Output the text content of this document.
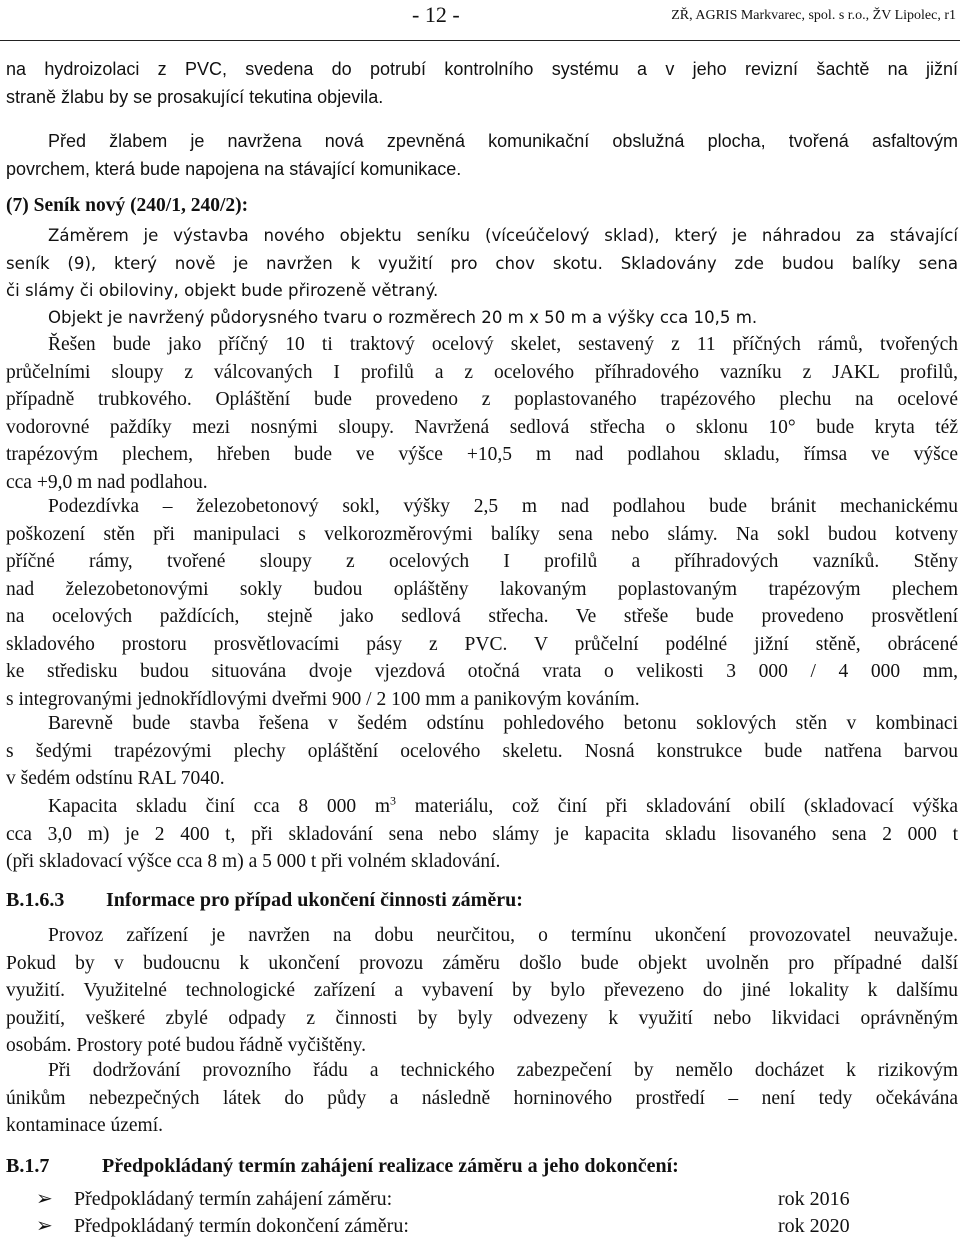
- 12 -	ZŘ, AGRIS Markvarec, spol. s r.o., ŽV Lipolec, r1
na hydroizolaci z PVC, svedena do potrubí kontrolního systému a v jeho revizní šachtě na jižní
straně žlabu by se prosakující tekutina objevila.
Před žlabem je navržena nová zpevněná komunikační obslužná plocha, tvořená asfaltovým
povrchem, která bude napojena na stávající komunikace.
(7) Seník nový (240/1, 240/2):
Záměrem je výstavba nového objektu seníku (víceúčelový sklad), který je náhradou za stávající
seník (9), který nově je navržen k využití pro chov skotu. Skladovány zde budou balíky sena
či slámy či obiloviny, objekt bude přirozeně větraný.
Objekt je navržený půdorysného tvaru o rozměrech 20 m x 50 m a výšky cca 10,5 m.
Řešen bude jako příčný 10 ti traktový ocelový skelet, sestavený z 11 příčných rámů, tvořených
průčelními sloupy z válcovaných I profilů a z ocelového příhradového vazníku z JAKL profilů,
případně trubkového. Opláštění bude provedeno z poplastovaného trapézového plechu na ocelové
vodorovné paždíky mezi nosnými sloupy. Navržená sedlová střecha o sklonu 10° bude kryta též
trapézovým plechem, hřeben bude ve výšce +10,5 m nad podlahou skladu, římsa ve výšce
cca +9,0 m nad podlahou.
Podezdívka – železobetonový sokl, výšky 2,5 m nad podlahou bude bránit mechanickému
poškození stěn při manipulaci s velkorozměrovými balíky sena nebo slámy. Na sokl budou kotveny
příčné rámy, tvořené sloupy z ocelových I profilů a příhradových vazníků. Stěny
nad železobetonovými sokly budou opláštěny lakovaným poplastovaným trapézovým plechem
na ocelových paždících, stejně jako sedlová střecha. Ve střeše bude provedeno prosvětlení
skladového prostoru prosvětlovacími pásy z PVC. V průčelní podélné jižní stěně, obrácené
ke středisku budou situována dvoje vjezdová otočná vrata o velikosti 3 000 / 4 000 mm,
s integrovanými jednokřídlovými dveřmi 900 / 2 100 mm a panikovým kováním.
Barevně bude stavba řešena v šedém odstínu pohledového betonu soklových stěn v kombinaci
s šedými trapézovými plechy opláštění ocelového skeletu. Nosná konstrukce bude natřena barvou
v šedém odstínu RAL 7040.
Kapacita skladu činí cca 8 000 $m^3$ materiálu, což činí při skladování obilí (skladovací výška
cca 3,0 m) je 2 400 t, při skladování sena nebo slámy je kapacita skladu lisovaného sena 2 000 t
(při skladovací výšce cca 8 m) a 5 000 t při volném skladování.
B.1.6.3 Informace pro případ ukončení činnosti záměru:
Provoz zařízení je navržen na dobu neurčitou, o termínu ukončení provozovatel neuvažuje.
Pokud by v budoucnu k ukončení provozu záměru došlo bude objekt uvolněn pro případné další
využití. Využitelné technologické zařízení a vybavení by bylo převezeno do jiné lokality k dalšímu
použití, veškeré zbylé odpady z činnosti by byly odvezeny k využití nebo likvidaci oprávněným
osobám. Prostory poté budou řádně vyčištěny.
Při dodržování provozního řádu a technického zabezpečení by nemělo docházet k rizikovým
únikům nebezpečných látek do půdy a následně horninového prostředí – není tedy očekávána
kontaminace území.
B.1.7	Předpokládaný termín zahájení realizace záměru a jeho dokončení:
➢ Předpokládaný termín zahájení záměru:	rok 2016
➢ Předpokládaný termín dokončení záměru:	rok 2020
